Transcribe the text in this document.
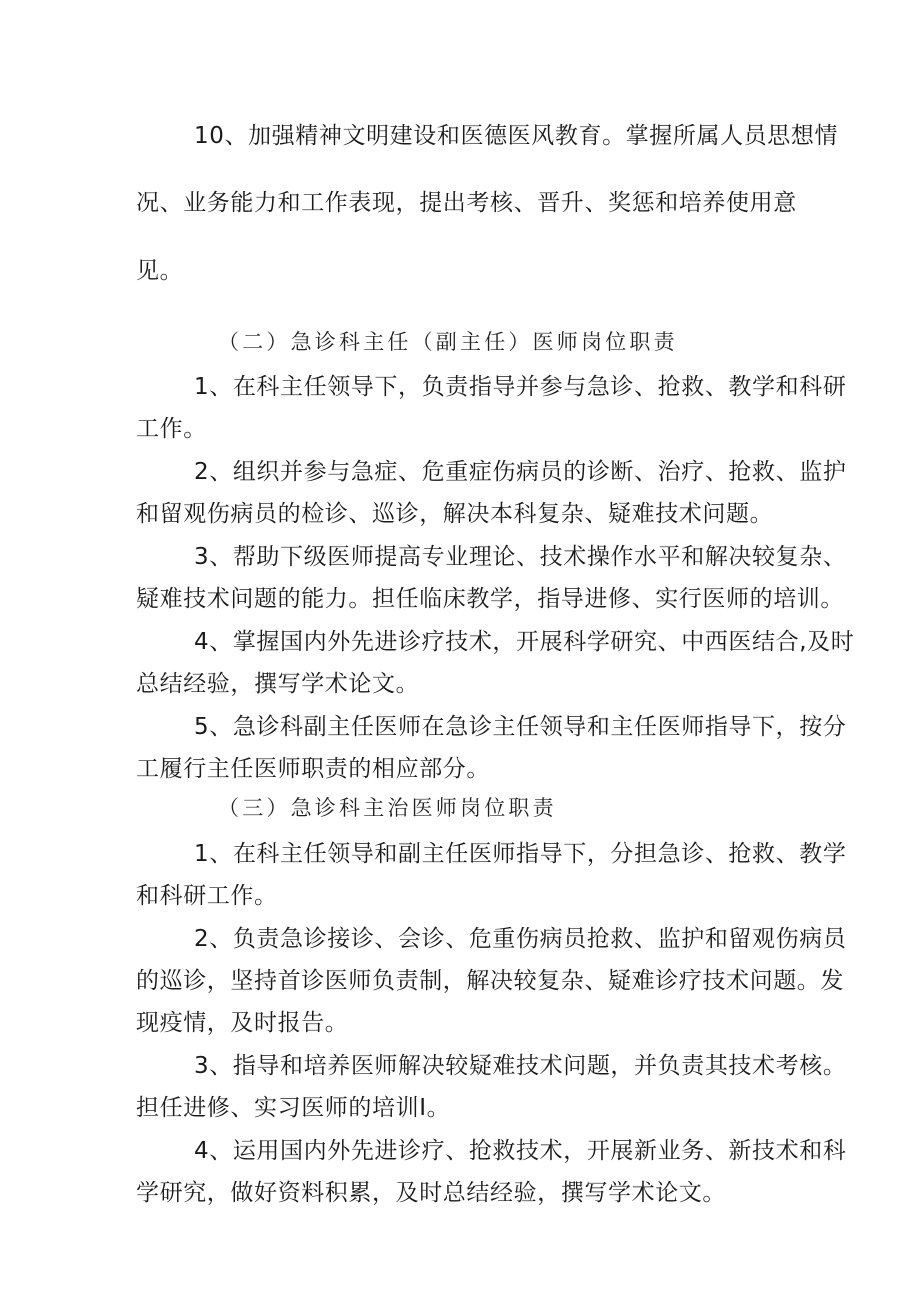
10、加强精神文明建设和医德医风教育。掌握所属人员思想情
况、业务能力和工作表现，提出考核、晋升、奖惩和培养使用意
见。
（二）急诊科主任（副主任）医师岗位职责
1、在科主任领导下，负责指导并参与急诊、抢救、教学和科研
工作。
2、组织并参与急症、危重症伤病员的诊断、治疗、抢救、监护
和留观伤病员的检诊、巡诊，解决本科复杂、疑难技术问题。
3、帮助下级医师提高专业理论、技术操作水平和解决较复杂、
疑难技术问题的能力。担任临床教学，指导进修、实行医师的培训。
4、掌握国内外先进诊疗技术，开展科学研究、中西医结合,及时
总结经验，撰写学术论文。
5、急诊科副主任医师在急诊主任领导和主任医师指导下，按分
工履行主任医师职责的相应部分。
（三）急诊科主治医师岗位职责
1、在科主任领导和副主任医师指导下，分担急诊、抢救、教学
和科研工作。
2、负责急诊接诊、会诊、危重伤病员抢救、监护和留观伤病员
的巡诊，坚持首诊医师负责制，解决较复杂、疑难诊疗技术问题。发
现疫情，及时报告。
3、指导和培养医师解决较疑难技术问题，并负责其技术考核。
担任进修、实习医师的培训I。
4、运用国内外先进诊疗、抢救技术，开展新业务、新技术和科
学研究，做好资料积累，及时总结经验，撰写学术论文。
